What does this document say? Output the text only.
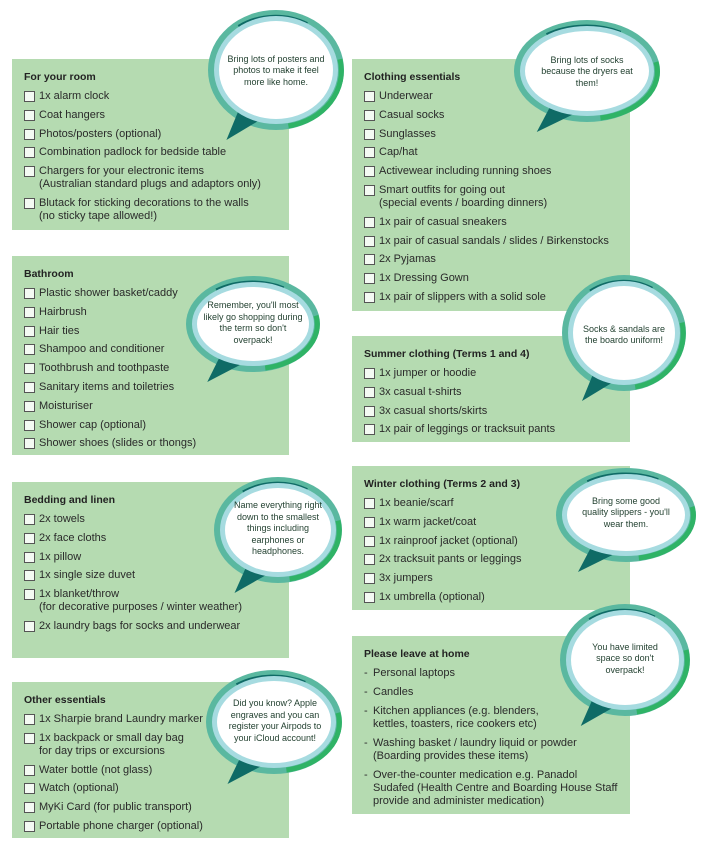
For your room
1x alarm clock
Coat hangers
Photos/posters (optional)
Combination padlock for bedside table
Chargers for your electronic items
(Australian standard plugs and adaptors only)
Blutack for sticking decorations to the walls
(no sticky tape allowed!)
Bathroom
Plastic shower basket/caddy
Hairbrush
Hair ties
Shampoo and conditioner
Toothbrush and toothpaste
Sanitary items and toiletries
Moisturiser
Shower cap (optional)
Shower shoes (slides or thongs)
Bedding and linen
2x towels
2x face cloths
1x pillow
1x single size duvet
1x blanket/throw
(for decorative purposes / winter weather)
2x laundry bags for socks and underwear
Other essentials
1x Sharpie brand Laundry marker
1x backpack or small day bag
for day trips or excursions
Water bottle (not glass)
Watch (optional)
MyKi Card (for public transport)
Portable phone charger (optional)
Clothing essentials
Underwear
Casual socks
Sunglasses
Cap/hat
Activewear including running shoes
Smart outfits for going out
(special events / boarding dinners)
1x pair of casual sneakers
1x pair of casual sandals / slides / Birkenstocks
2x Pyjamas
1x Dressing Gown
1x pair of slippers with a solid sole
Summer clothing (Terms 1 and 4)
1x jumper or hoodie
3x casual t-shirts
3x casual shorts/skirts
1x pair of leggings or tracksuit pants
Winter clothing (Terms 2 and 3)
1x beanie/scarf
1x warm jacket/coat
1x rainproof jacket (optional)
2x tracksuit pants or leggings
3x jumpers
1x umbrella (optional)
Please leave at home
- Personal laptops
- Candles
- Kitchen appliances (e.g. blenders,
kettles, toasters, rice cookers etc)
- Washing basket / laundry liquid or powder
(Boarding provides these items)
- Over-the-counter medication e.g. Panadol
Sudafed (Health Centre and Boarding House Staff provide and administer medication)
Bring lots of posters and photos to make it feel more like home.
Bring lots of socks because the dryers eat them!
Remember, you'll most likely go shopping during the term so don't overpack!
Socks & sandals are the boardo uniform!
Name everything right down to the smallest things including earphones or headphones.
Bring some good quality slippers - you'll wear them.
Did you know? Apple engraves and you can register your Airpods to your iCloud account!
You have limited space so don't overpack!
